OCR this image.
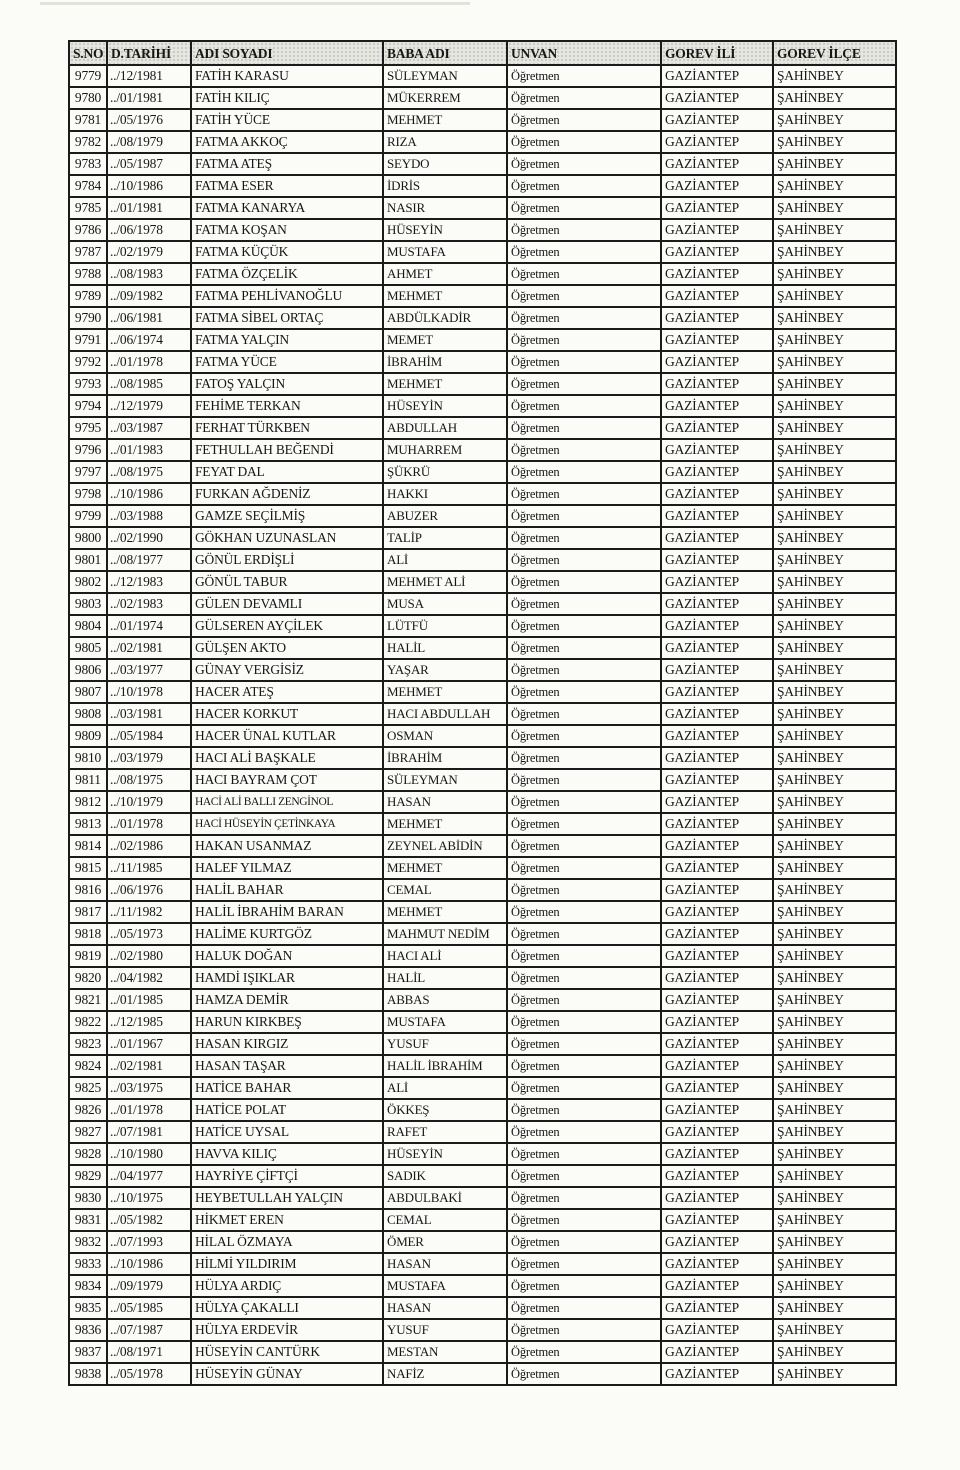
S.NO	D.TARİHİ	ADI SOYADI	BABA ADI	UNVAN	GOREV İLİ	GOREV İLÇE
9779	../12/1981	FATİH KARASU	SÜLEYMAN	Öğretmen	GAZİANTEP	ŞAHİNBEY
9780	../01/1981	FATİH KILIÇ	MÜKERREM	Öğretmen	GAZİANTEP	ŞAHİNBEY
9781	../05/1976	FATİH YÜCE	MEHMET	Öğretmen	GAZİANTEP	ŞAHİNBEY
9782	../08/1979	FATMA AKKOÇ	RIZA	Öğretmen	GAZİANTEP	ŞAHİNBEY
9783	../05/1987	FATMA ATEŞ	SEYDO	Öğretmen	GAZİANTEP	ŞAHİNBEY
9784	../10/1986	FATMA ESER	İDRİS	Öğretmen	GAZİANTEP	ŞAHİNBEY
9785	../01/1981	FATMA KANARYA	NASIR	Öğretmen	GAZİANTEP	ŞAHİNBEY
9786	../06/1978	FATMA KOŞAN	HÜSEYİN	Öğretmen	GAZİANTEP	ŞAHİNBEY
9787	../02/1979	FATMA KÜÇÜK	MUSTAFA	Öğretmen	GAZİANTEP	ŞAHİNBEY
9788	../08/1983	FATMA ÖZÇELİK	AHMET	Öğretmen	GAZİANTEP	ŞAHİNBEY
9789	../09/1982	FATMA PEHLİVANOĞLU	MEHMET	Öğretmen	GAZİANTEP	ŞAHİNBEY
9790	../06/1981	FATMA SİBEL ORTAÇ	ABDÜLKADİR	Öğretmen	GAZİANTEP	ŞAHİNBEY
9791	../06/1974	FATMA YALÇIN	MEMET	Öğretmen	GAZİANTEP	ŞAHİNBEY
9792	../01/1978	FATMA YÜCE	İBRAHİM	Öğretmen	GAZİANTEP	ŞAHİNBEY
9793	../08/1985	FATOŞ YALÇIN	MEHMET	Öğretmen	GAZİANTEP	ŞAHİNBEY
9794	../12/1979	FEHİME TERKAN	HÜSEYİN	Öğretmen	GAZİANTEP	ŞAHİNBEY
9795	../03/1987	FERHAT TÜRKBEN	ABDULLAH	Öğretmen	GAZİANTEP	ŞAHİNBEY
9796	../01/1983	FETHULLAH BEĞENDİ	MUHARREM	Öğretmen	GAZİANTEP	ŞAHİNBEY
9797	../08/1975	FEYAT DAL	ŞÜKRÜ	Öğretmen	GAZİANTEP	ŞAHİNBEY
9798	../10/1986	FURKAN AĞDENİZ	HAKKI	Öğretmen	GAZİANTEP	ŞAHİNBEY
9799	../03/1988	GAMZE SEÇİLMİŞ	ABUZER	Öğretmen	GAZİANTEP	ŞAHİNBEY
9800	../02/1990	GÖKHAN UZUNASLAN	TALİP	Öğretmen	GAZİANTEP	ŞAHİNBEY
9801	../08/1977	GÖNÜL ERDİŞLİ	ALİ	Öğretmen	GAZİANTEP	ŞAHİNBEY
9802	../12/1983	GÖNÜL TABUR	MEHMET ALİ	Öğretmen	GAZİANTEP	ŞAHİNBEY
9803	../02/1983	GÜLEN DEVAMLI	MUSA	Öğretmen	GAZİANTEP	ŞAHİNBEY
9804	../01/1974	GÜLSEREN AYÇİLEK	LÜTFÜ	Öğretmen	GAZİANTEP	ŞAHİNBEY
9805	../02/1981	GÜLŞEN AKTO	HALİL	Öğretmen	GAZİANTEP	ŞAHİNBEY
9806	../03/1977	GÜNAY VERGİSİZ	YAŞAR	Öğretmen	GAZİANTEP	ŞAHİNBEY
9807	../10/1978	HACER ATEŞ	MEHMET	Öğretmen	GAZİANTEP	ŞAHİNBEY
9808	../03/1981	HACER KORKUT	HACI ABDULLAH	Öğretmen	GAZİANTEP	ŞAHİNBEY
9809	../05/1984	HACER ÜNAL KUTLAR	OSMAN	Öğretmen	GAZİANTEP	ŞAHİNBEY
9810	../03/1979	HACI ALİ BAŞKALE	İBRAHİM	Öğretmen	GAZİANTEP	ŞAHİNBEY
9811	../08/1975	HACI BAYRAM ÇOT	SÜLEYMAN	Öğretmen	GAZİANTEP	ŞAHİNBEY
9812	../10/1979	HACİ ALİ BALLI ZENGİNOL	HASAN	Öğretmen	GAZİANTEP	ŞAHİNBEY
9813	../01/1978	HACİ HÜSEYİN ÇETİNKAYA	MEHMET	Öğretmen	GAZİANTEP	ŞAHİNBEY
9814	../02/1986	HAKAN USANMAZ	ZEYNEL ABİDİN	Öğretmen	GAZİANTEP	ŞAHİNBEY
9815	../11/1985	HALEF YILMAZ	MEHMET	Öğretmen	GAZİANTEP	ŞAHİNBEY
9816	../06/1976	HALİL BAHAR	CEMAL	Öğretmen	GAZİANTEP	ŞAHİNBEY
9817	../11/1982	HALİL İBRAHİM BARAN	MEHMET	Öğretmen	GAZİANTEP	ŞAHİNBEY
9818	../05/1973	HALİME KURTGÖZ	MAHMUT NEDİM	Öğretmen	GAZİANTEP	ŞAHİNBEY
9819	../02/1980	HALUK DOĞAN	HACI ALİ	Öğretmen	GAZİANTEP	ŞAHİNBEY
9820	../04/1982	HAMDİ IŞIKLAR	HALİL	Öğretmen	GAZİANTEP	ŞAHİNBEY
9821	../01/1985	HAMZA DEMİR	ABBAS	Öğretmen	GAZİANTEP	ŞAHİNBEY
9822	../12/1985	HARUN KIRKBEŞ	MUSTAFA	Öğretmen	GAZİANTEP	ŞAHİNBEY
9823	../01/1967	HASAN KIRGIZ	YUSUF	Öğretmen	GAZİANTEP	ŞAHİNBEY
9824	../02/1981	HASAN TAŞAR	HALİL İBRAHİM	Öğretmen	GAZİANTEP	ŞAHİNBEY
9825	../03/1975	HATİCE BAHAR	ALİ	Öğretmen	GAZİANTEP	ŞAHİNBEY
9826	../01/1978	HATİCE POLAT	ÖKKEŞ	Öğretmen	GAZİANTEP	ŞAHİNBEY
9827	../07/1981	HATİCE UYSAL	RAFET	Öğretmen	GAZİANTEP	ŞAHİNBEY
9828	../10/1980	HAVVA KILIÇ	HÜSEYİN	Öğretmen	GAZİANTEP	ŞAHİNBEY
9829	../04/1977	HAYRİYE ÇİFTÇİ	SADIK	Öğretmen	GAZİANTEP	ŞAHİNBEY
9830	../10/1975	HEYBETULLAH YALÇIN	ABDULBAKİ	Öğretmen	GAZİANTEP	ŞAHİNBEY
9831	../05/1982	HİKMET EREN	CEMAL	Öğretmen	GAZİANTEP	ŞAHİNBEY
9832	../07/1993	HİLAL ÖZMAYA	ÖMER	Öğretmen	GAZİANTEP	ŞAHİNBEY
9833	../10/1986	HİLMİ YILDIRIM	HASAN	Öğretmen	GAZİANTEP	ŞAHİNBEY
9834	../09/1979	HÜLYA ARDIÇ	MUSTAFA	Öğretmen	GAZİANTEP	ŞAHİNBEY
9835	../05/1985	HÜLYA ÇAKALLI	HASAN	Öğretmen	GAZİANTEP	ŞAHİNBEY
9836	../07/1987	HÜLYA ERDEVİR	YUSUF	Öğretmen	GAZİANTEP	ŞAHİNBEY
9837	../08/1971	HÜSEYİN CANTÜRK	MESTAN	Öğretmen	GAZİANTEP	ŞAHİNBEY
9838	../05/1978	HÜSEYİN GÜNAY	NAFİZ	Öğretmen	GAZİANTEP	ŞAHİNBEY
